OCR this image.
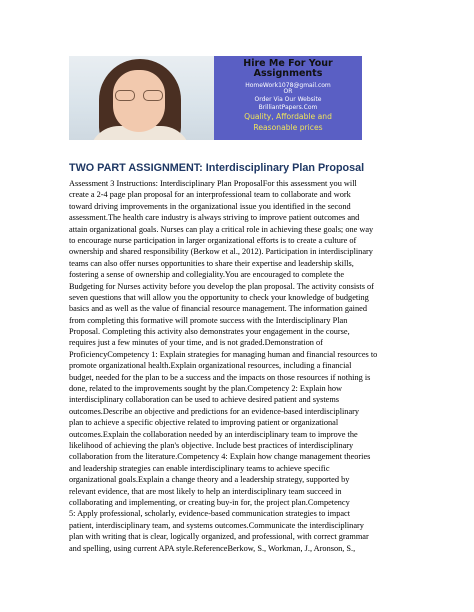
Hire Me For Your
Assignments
HomeWork1078@gmail.com
OR
Order Via Our Website
BrilliantPapers.Com
Quality, Affordable and
Reasonable prices
TWO PART ASSIGNMENT: Interdisciplinary Plan Proposal
Assessment 3 Instructions: Interdisciplinary Plan ProposalFor this assessment you will
create a 2-4 page plan proposal for an interprofessional team to collaborate and work
toward driving improvements in the organizational issue you identified in the second
assessment.The health care industry is always striving to improve patient outcomes and
attain organizational goals. Nurses can play a critical role in achieving these goals; one way
to encourage nurse participation in larger organizational efforts is to create a culture of
ownership and shared responsibility (Berkow et al., 2012). Participation in interdisciplinary
teams can also offer nurses opportunities to share their expertise and leadership skills,
fostering a sense of ownership and collegiality.You are encouraged to complete the
Budgeting for Nurses activity before you develop the plan proposal. The activity consists of
seven questions that will allow you the opportunity to check your knowledge of budgeting
basics and as well as the value of financial resource management. The information gained
from completing this formative will promote success with the Interdisciplinary Plan
Proposal. Completing this activity also demonstrates your engagement in the course,
requires just a few minutes of your time, and is not graded.Demonstration of
ProficiencyCompetency 1: Explain strategies for managing human and financial resources to
promote organizational health.Explain organizational resources, including a financial
budget, needed for the plan to be a success and the impacts on those resources if nothing is
done, related to the improvements sought by the plan.Competency 2: Explain how
interdisciplinary collaboration can be used to achieve desired patient and systems
outcomes.Describe an objective and predictions for an evidence-based interdisciplinary
plan to achieve a specific objective related to improving patient or organizational
outcomes.Explain the collaboration needed by an interdisciplinary team to improve the
likelihood of achieving the plan's objective. Include best practices of interdisciplinary
collaboration from the literature.Competency 4: Explain how change management theories
and leadership strategies can enable interdisciplinary teams to achieve specific
organizational goals.Explain a change theory and a leadership strategy, supported by
relevant evidence, that are most likely to help an interdisciplinary team succeed in
collaborating and implementing, or creating buy-in for, the project plan.Competency
5: Apply professional, scholarly, evidence-based communication strategies to impact
patient, interdisciplinary team, and systems outcomes.Communicate the interdisciplinary
plan with writing that is clear, logically organized, and professional, with correct grammar
and spelling, using current APA style.ReferenceBerkow, S., Workman, J., Aronson, S.,
